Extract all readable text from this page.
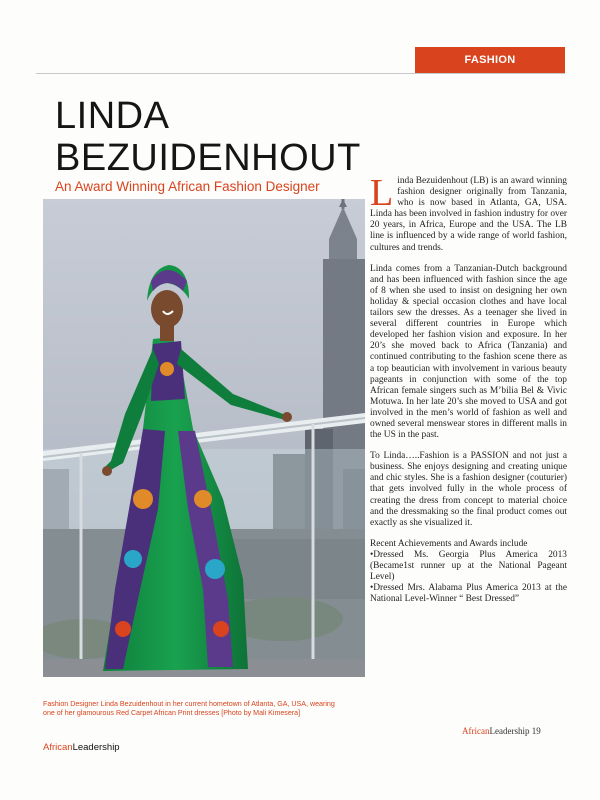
FASHION
LINDA
BEZUIDENHOUT
An Award Winning African Fashion Designer

Fashion Designer Linda Bezuidenhout in her current hometown of Atlanta, GA, USA, wearing

one of her glamourous Red Carpet African Print dresses [Photo by Mali Kimesera]

Linda Bezuidenhout (LB) is an award winning fashion designer originally from Tanzania, who is now based in Atlanta, GA, USA. Linda has been involved in fashion industry for over 20 years, in Africa, Europe and the USA. The LB line is influenced by a wide range of world fashion, cultures and trends.

Linda comes from a Tanzanian-Dutch background and has been influenced with fashion since the age of 8 when she used to insist on designing her own holiday & special occasion clothes and have local tailors sew the dresses. As a teenager she lived in several different countries in Europe which developed her fashion vision and exposure. In her 20’s she moved back to Africa (Tanzania) and continued contributing to the fashion scene there as a top beautician with involvement in various beauty pageants in conjunction with some of the top African female singers such as M’bilia Bel & Vivic Motuwa. In her late 20’s she moved to USA and got involved in the men’s world of fashion as well and owned several menswear stores in different malls in the US in the past.

To Linda…..Fashion is a PASSION and not just a business. She enjoys designing and creating unique and chic styles. She is a fashion designer (couturier) that gets involved fully in the whole process of creating the dress from concept to material choice and the dressmaking so the final product comes out exactly as she visualized it.

Recent Achievements and Awards include
•Dressed Ms. Georgia Plus America 2013 (Became1st runner up at the National Pageant Level)
•Dressed Mrs. Alabama Plus America 2013 at the National Level-Winner “ Best Dressed”

AfricanLeadership 19
AfricanLeadership
